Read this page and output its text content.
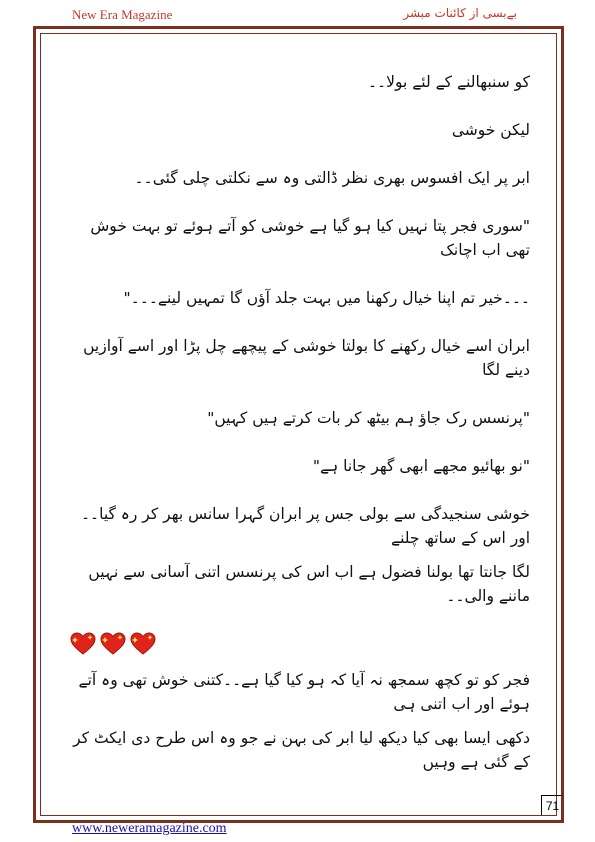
New Era Magazine	بےبسی از کائنات مبشر

کو سنبھالنے کے لئے بولا۔۔

لیکن خوشی

ابر پر ایک افسوس بھری نظر ڈالتی وہ سے نکلتی چلی گئی۔۔

"سوری فجر پتا نہیں کیا ہو گیا ہے خوشی کو آتے ہوئے تو بہت خوش تھی اب اچانک

۔۔۔خیر تم اپنا خیال رکھنا میں بہت جلد آؤں گا تمہیں لینے۔۔۔"

ابران اسے خیال رکھنے کا بولتا خوشی کے پیچھے چل پڑا اور اسے آوازیں دینے لگا

"پرنسس رک جاؤ ہم بیٹھ کر بات کرتے ہیں کہیں"

"نو بھائیو مجھے ابھی گھر جانا ہے"

خوشی سنجیدگی سے بولی جس پر ابران گہرا سانس بھر کر رہ گیا۔۔اور اس کے ساتھ چلنے

لگا جانتا تھا بولنا فضول ہے اب اس کی پرنسس اتنی آسانی سے نہیں ماننے والی۔۔

فجر کو تو کچھ سمجھ نہ آیا کہ ہو کیا گیا ہے۔۔کتنی خوش تھی وہ آتے ہوئے اور اب اتنی ہی

دکھی ایسا بھی کیا دیکھ لیا ابر کی بہن نے جو وہ اس طرح دی ایکٹ کر کے گئی ہے وہیں

71
www.neweramagazine.com
